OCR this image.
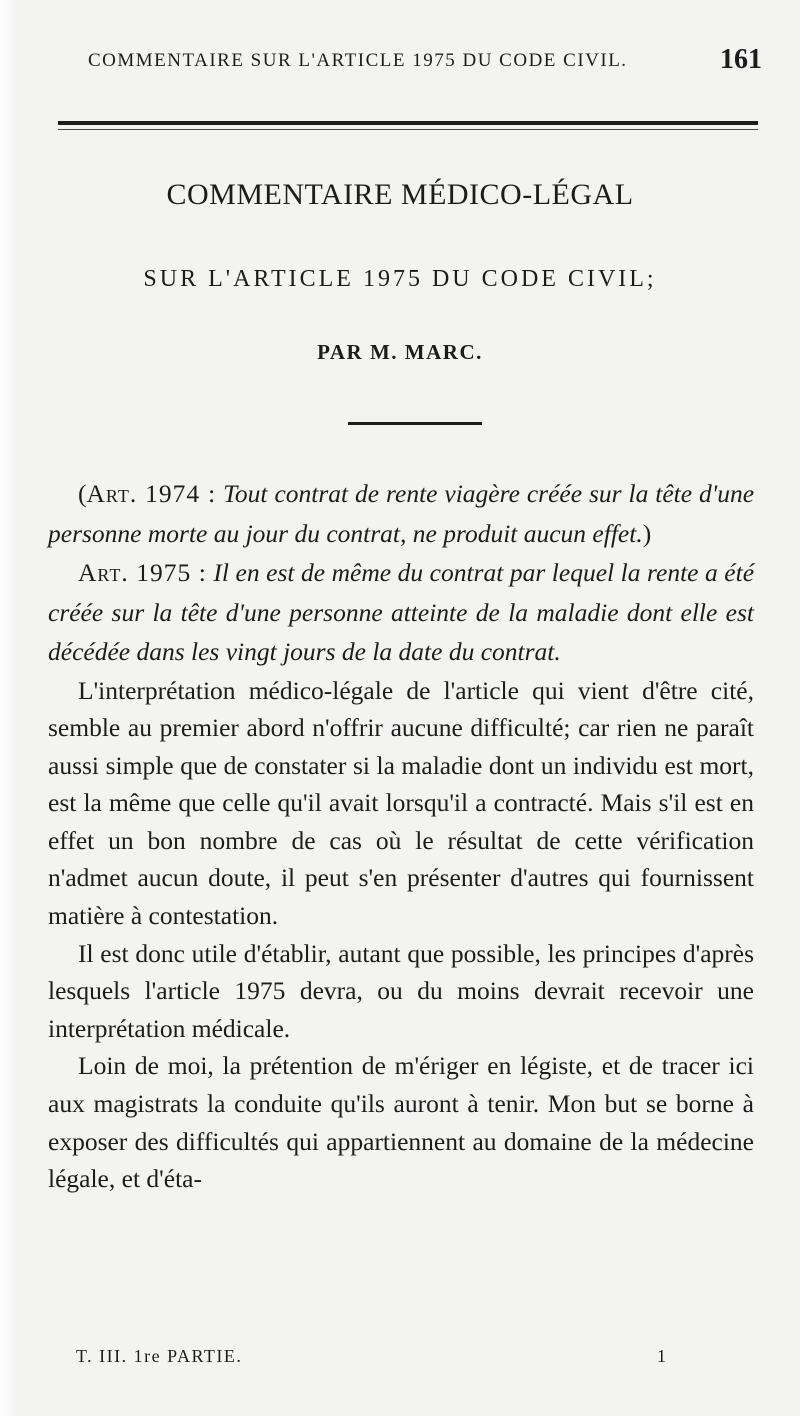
COMMENTAIRE SUR L'ARTICLE 1975 DU CODE CIVIL.	161
COMMENTAIRE MÉDICO-LÉGAL
SUR L'ARTICLE 1975 DU CODE CIVIL;
PAR M. MARC.

(Art. 1974 : Tout contrat de rente viagère créée sur la tête d'une personne morte au jour du contrat, ne produit aucun effet.)

Art. 1975 : Il en est de même du contrat par lequel la rente a été créée sur la tête d'une personne atteinte de la maladie dont elle est décédée dans les vingt jours de la date du contrat.

L'interprétation médico-légale de l'article qui vient d'être cité, semble au premier abord n'offrir aucune difficulté; car rien ne paraît aussi simple que de constater si la maladie dont un individu est mort, est la même que celle qu'il avait lorsqu'il a contracté. Mais s'il est en effet un bon nombre de cas où le résultat de cette vérification n'admet aucun doute, il peut s'en présenter d'autres qui fournissent matière à contestation.

Il est donc utile d'établir, autant que possible, les principes d'après lesquels l'article 1975 devra, ou du moins devrait recevoir une interprétation médicale.

Loin de moi, la prétention de m'ériger en légiste, et de tracer ici aux magistrats la conduite qu'ils auront à tenir. Mon but se borne à exposer des difficultés qui appartiennent au domaine de la médecine légale, et d'éta-

T. III. 1re PARTIE.	1
